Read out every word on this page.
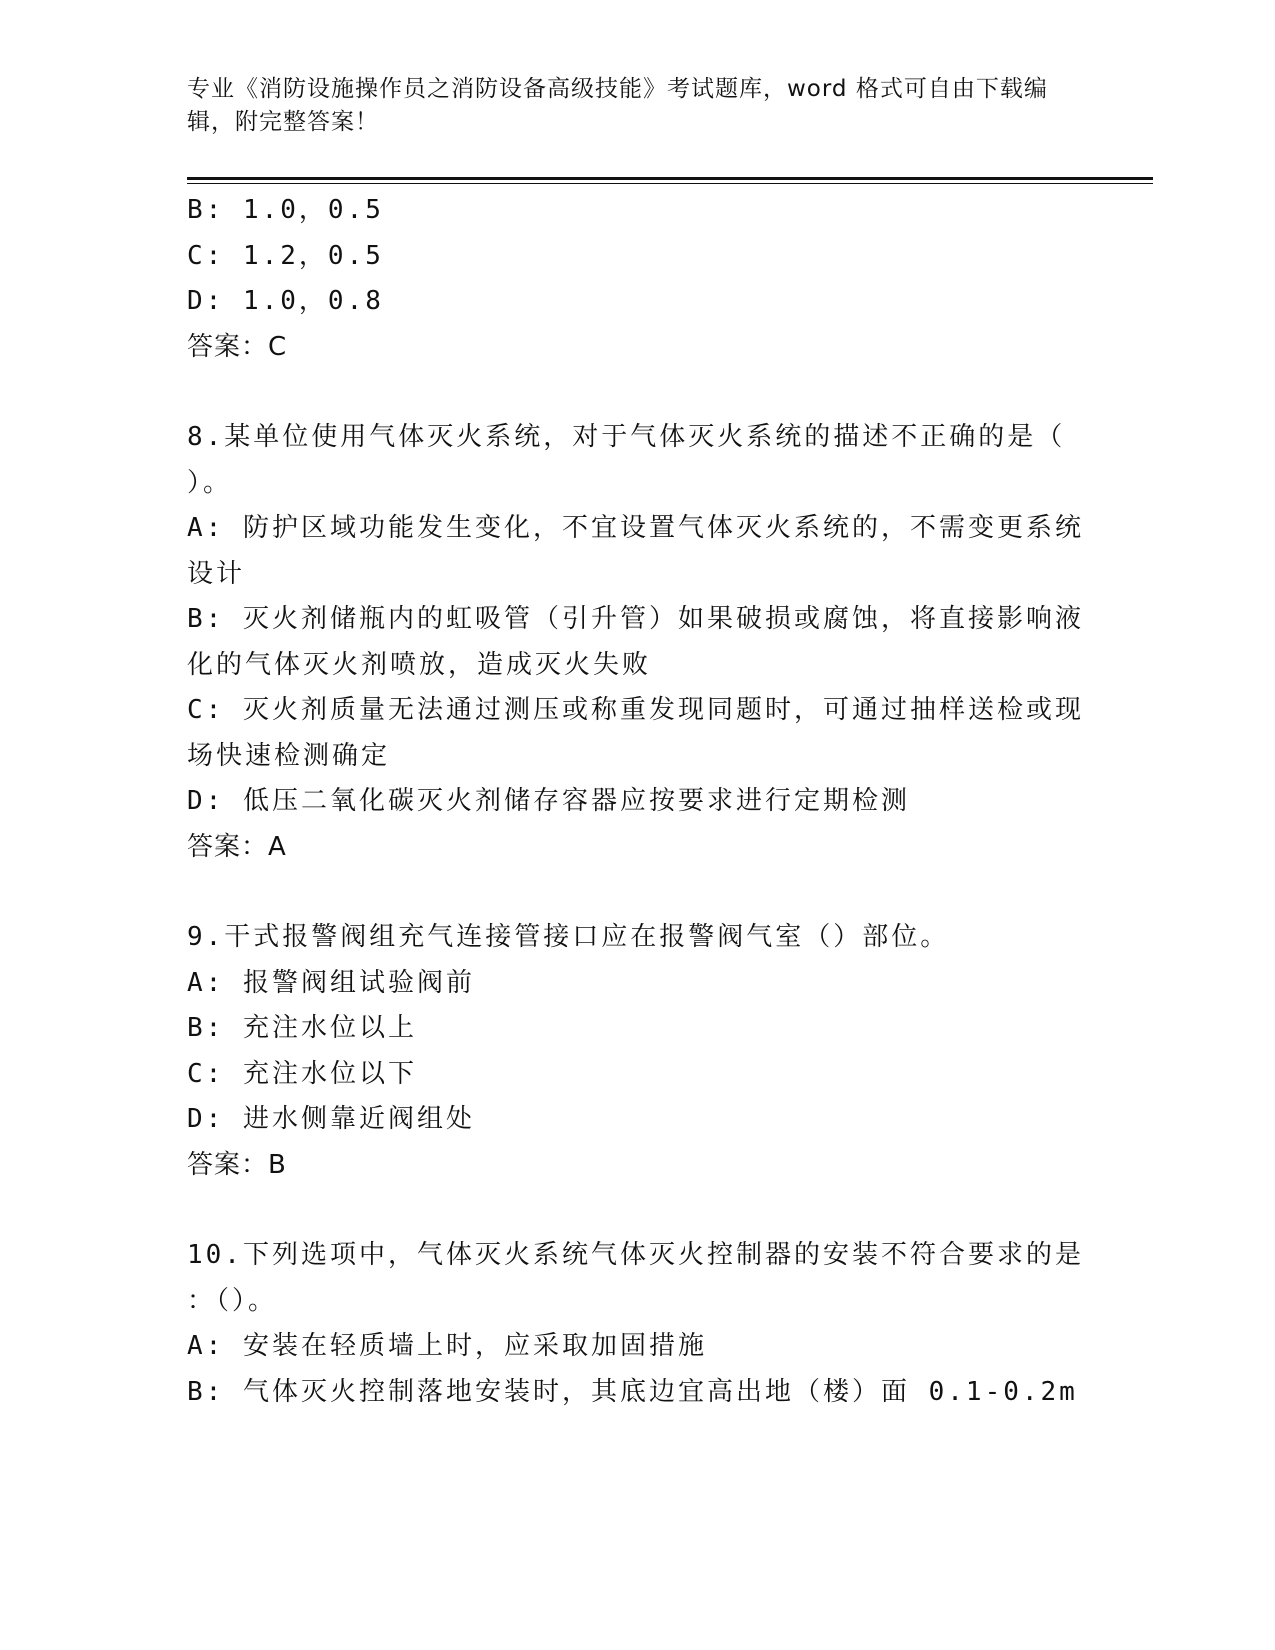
专业《消防设施操作员之消防设备高级技能》考试题库，word 格式可自由下载编
辑，附完整答案！

B: 1.0，0.5

C: 1.2，0.5

D: 1.0，0.8

答案：C

8.某单位使用气体灭火系统，对于气体灭火系统的描述不正确的是（

）。

A: 防护区域功能发生变化，不宜设置气体灭火系统的，不需变更系统

设计

B: 灭火剂储瓶内的虹吸管（引升管）如果破损或腐蚀，将直接影响液

化的气体灭火剂喷放，造成灭火失败

C: 灭火剂质量无法通过测压或称重发现同题时，可通过抽样送检或现

场快速检测确定

D: 低压二氧化碳灭火剂储存容器应按要求进行定期检测

答案：A

9.干式报警阀组充气连接管接口应在报警阀气室（）部位。

A: 报警阀组试验阀前

B: 充注水位以上

C: 充注水位以下

D: 进水侧靠近阀组处

答案：B

10.下列选项中，气体灭火系统气体灭火控制器的安装不符合要求的是

：（）。

A: 安装在轻质墙上时，应采取加固措施

B: 气体灭火控制落地安装时，其底边宜高出地（楼）面 0.1-0.2m
